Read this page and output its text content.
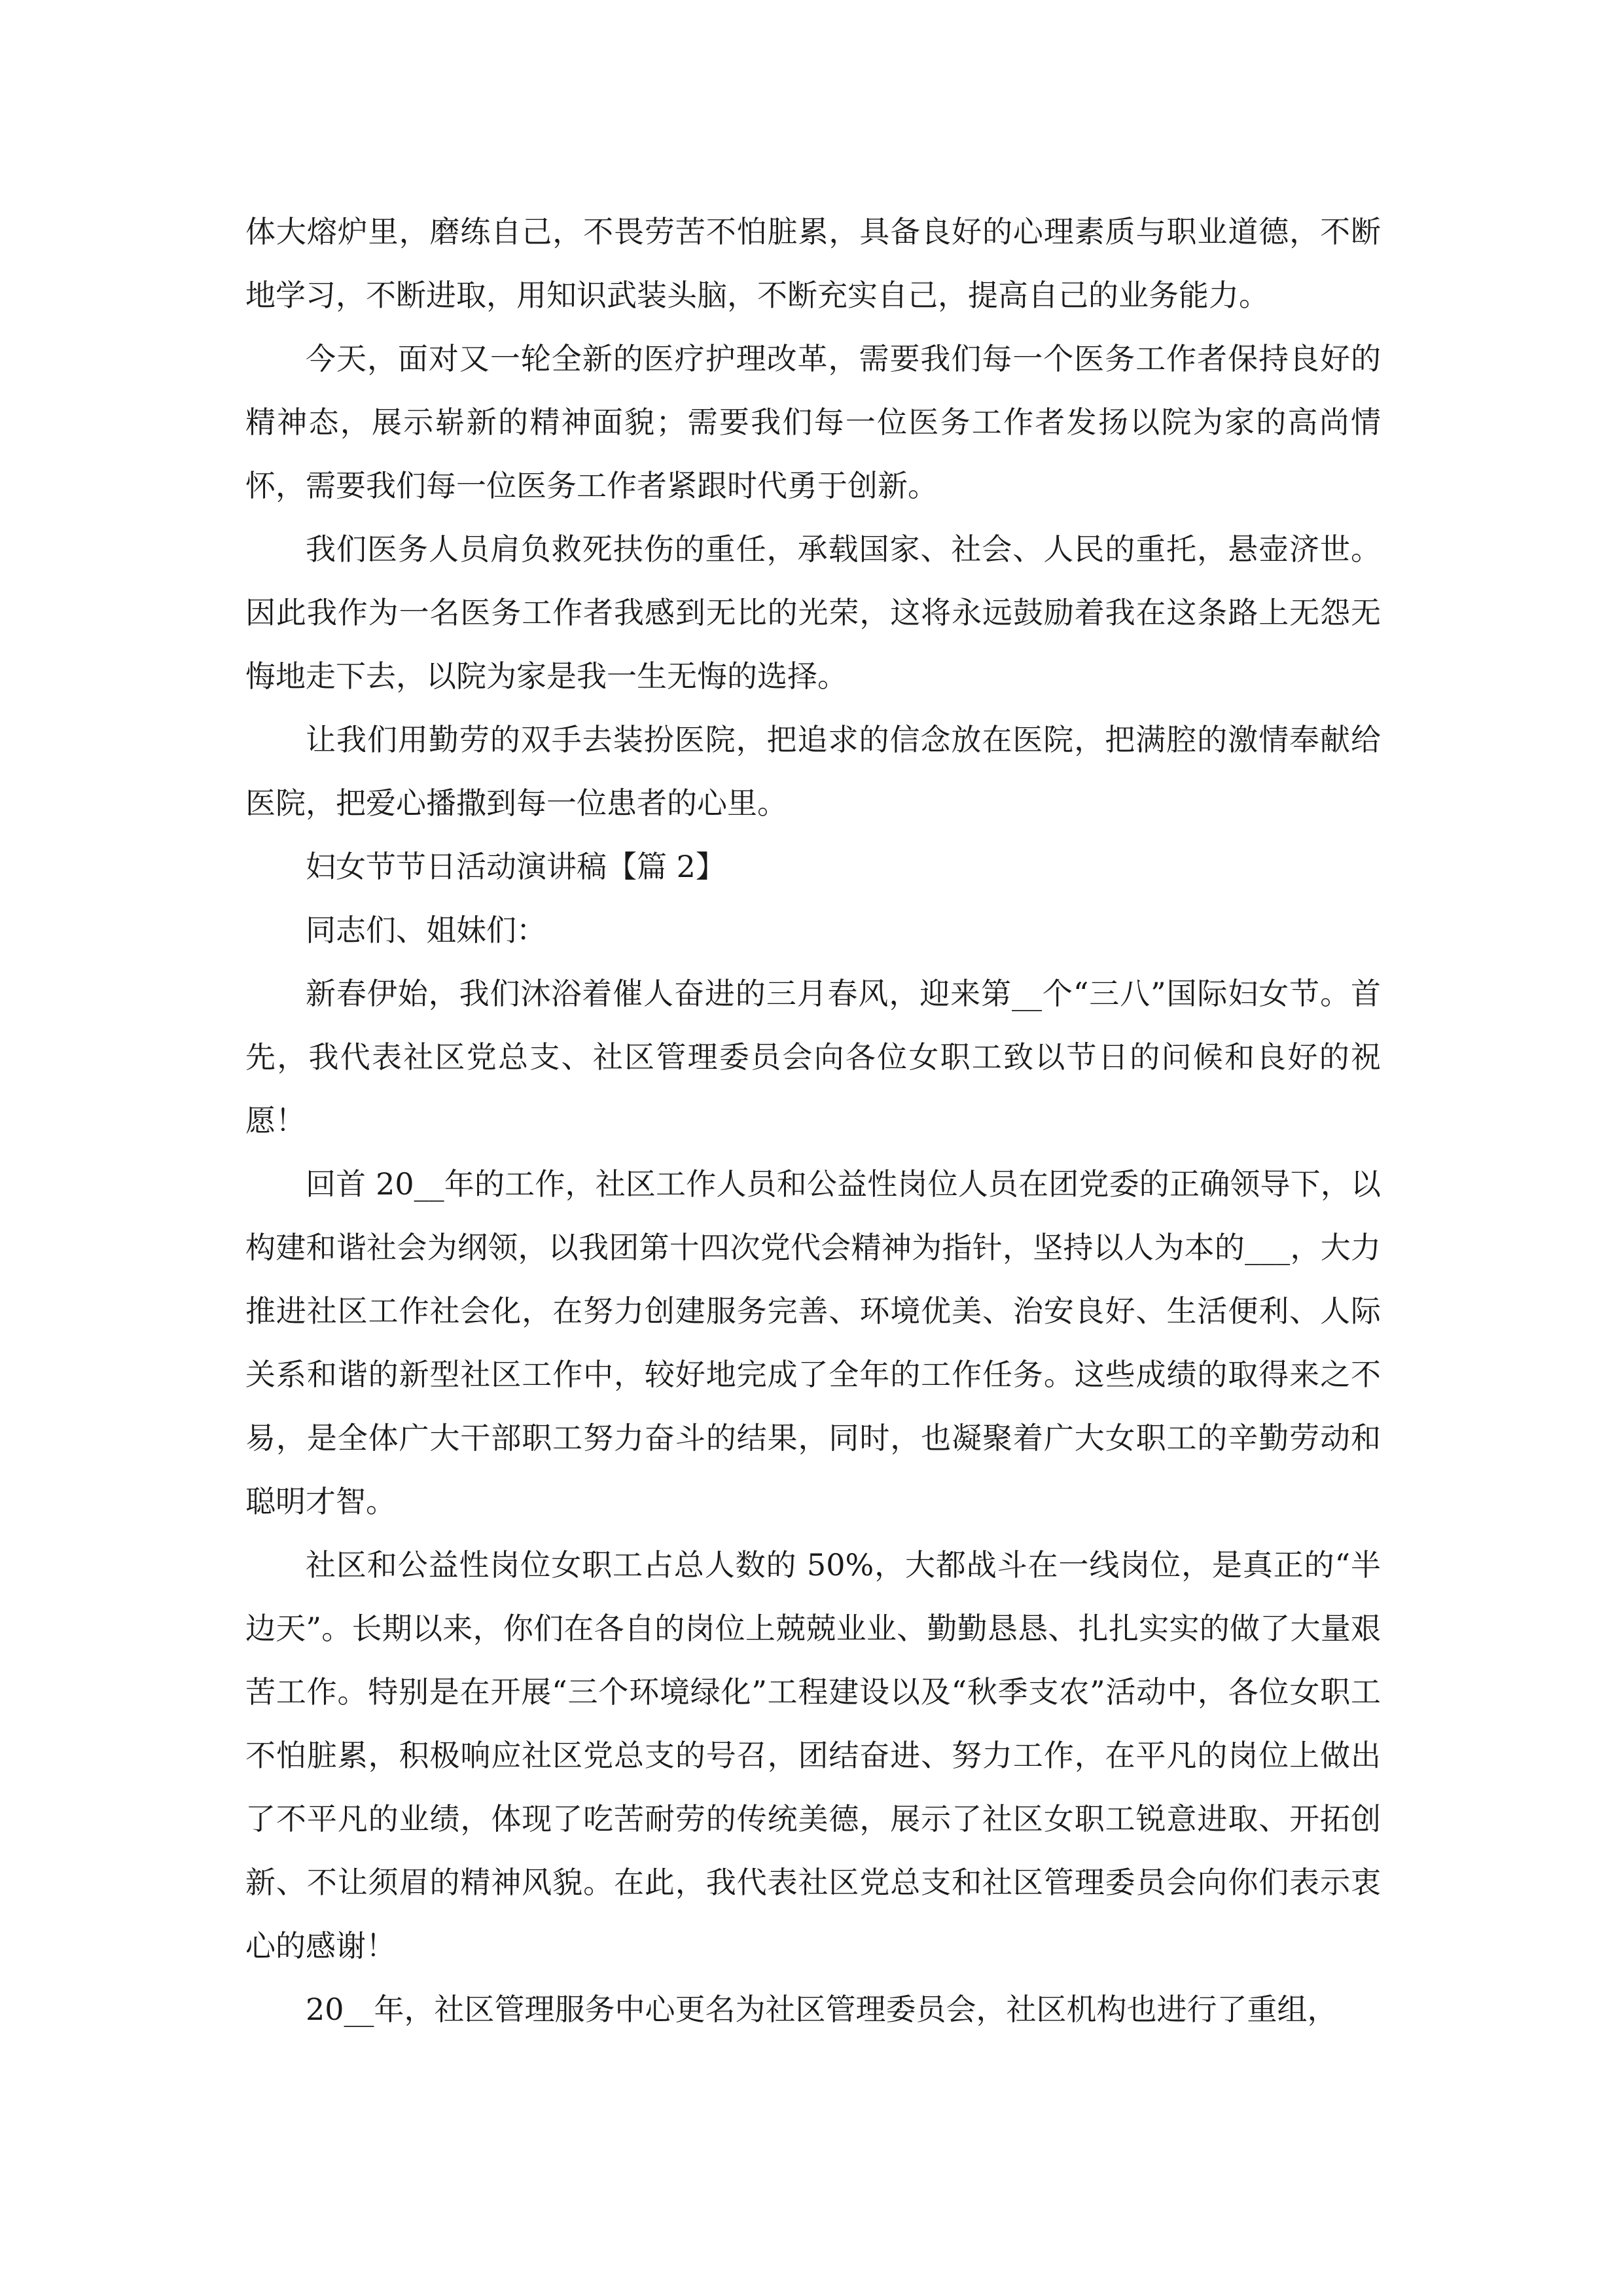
体大熔炉里，磨练自己，不畏劳苦不怕脏累，具备良好的心理素质与职业道德，不断地学习，不断进取，用知识武装头脑，不断充实自己，提高自己的业务能力。

今天，面对又一轮全新的医疗护理改革，需要我们每一个医务工作者保持良好的精神态，展示崭新的精神面貌；需要我们每一位医务工作者发扬以院为家的高尚情怀，需要我们每一位医务工作者紧跟时代勇于创新。

我们医务人员肩负救死扶伤的重任，承载国家、社会、人民的重托，悬壶济世。因此我作为一名医务工作者我感到无比的光荣，这将永远鼓励着我在这条路上无怨无悔地走下去，以院为家是我一生无悔的选择。

让我们用勤劳的双手去装扮医院，把追求的信念放在医院，把满腔的激情奉献给医院，把爱心播撒到每一位患者的心里。

妇女节节日活动演讲稿【篇 2】

同志们、姐妹们：

新春伊始，我们沐浴着催人奋进的三月春风，迎来第__个“三八”国际妇女节。首先，我代表社区党总支、社区管理委员会向各位女职工致以节日的问候和良好的祝愿！

回首 20__年的工作，社区工作人员和公益性岗位人员在团党委的正确领导下，以构建和谐社会为纲领，以我团第十四次党代会精神为指针，坚持以人为本的___，大力推进社区工作社会化，在努力创建服务完善、环境优美、治安良好、生活便利、人际关系和谐的新型社区工作中，较好地完成了全年的工作任务。这些成绩的取得来之不易，是全体广大干部职工努力奋斗的结果，同时，也凝聚着广大女职工的辛勤劳动和聪明才智。

社区和公益性岗位女职工占总人数的 50%，大都战斗在一线岗位，是真正的“半边天”。长期以来，你们在各自的岗位上兢兢业业、勤勤恳恳、扎扎实实的做了大量艰苦工作。特别是在开展“三个环境绿化”工程建设以及“秋季支农”活动中，各位女职工不怕脏累，积极响应社区党总支的号召，团结奋进、努力工作，在平凡的岗位上做出了不平凡的业绩，体现了吃苦耐劳的传统美德，展示了社区女职工锐意进取、开拓创新、不让须眉的精神风貌。在此，我代表社区党总支和社区管理委员会向你们表示衷心的感谢！

20__年，社区管理服务中心更名为社区管理委员会，社区机构也进行了重组，
